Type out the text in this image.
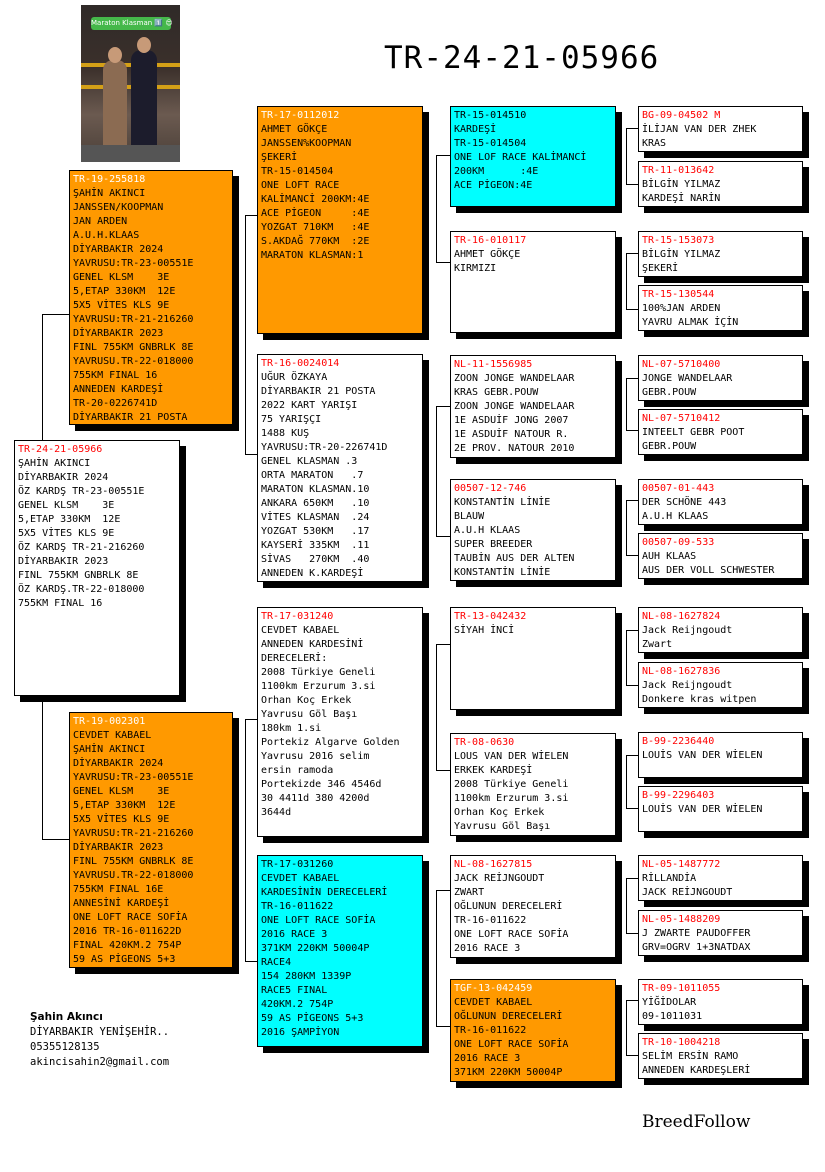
Maraton Klasman 1️⃣ 😍
TR-24-21-05966
TR-24-21-05966
ŞAHİN AKINCI
DİYARBAKIR 2024
ÖZ KARDŞ TR-23-00551E
GENEL KLSM    3E
5,ETAP 330KM  12E
5X5 VİTES KLS 9E
ÖZ KARDŞ TR-21-216260
DİYARBAKIR 2023
FINL 755KM GNBRLK 8E
ÖZ KARDŞ.TR-22-018000
755KM FINAL 16
TR-19-255818
ŞAHİN AKINCI
JANSSEN/KOOPMAN
JAN ARDEN
A.U.H.KLAAS
DİYARBAKIR 2024
YAVRUSU:TR-23-00551E
GENEL KLSM    3E
5,ETAP 330KM  12E
5X5 VİTES KLS 9E
YAVRUSU:TR-21-216260
DİYARBAKIR 2023
FINL 755KM GNBRLK 8E
YAVRUSU.TR-22-018000
755KM FINAL 16
ANNEDEN KARDEŞİ
TR-20-0226741D
DİYARBAKIR 21 POSTA
TR-19-002301
CEVDET KABAEL
ŞAHİN AKINCI
DİYARBAKIR 2024
YAVRUSU:TR-23-00551E
GENEL KLSM    3E
5,ETAP 330KM  12E
5X5 VİTES KLS 9E
YAVRUSU:TR-21-216260
DİYARBAKIR 2023
FINL 755KM GNBRLK 8E
YAVRUSU.TR-22-018000
755KM FINAL 16E
ANNESİNİ KARDEŞİ
ONE LOFT RACE SOFİA
2016 TR-16-011622D
FINAL 420KM.2 754P
59 AS PİGEONS 5+3
TR-17-0112012
AHMET GÖKÇE
JANSSEN%KOOPMAN
ŞEKERİ
TR-15-014504
ONE LOFT RACE
KALİMANCİ 200KM:4E
ACE PİGEON     :4E
YOZGAT 710KM   :4E
S.AKDAĞ 770KM  :2E
MARATON KLASMAN:1
TR-16-0024014
UĞUR ÖZKAYA
DİYARBAKIR 21 POSTA
2022 KART YARIŞI
75 YARIŞÇI
1488 KUŞ
YAVRUSU:TR-20-226741D
GENEL KLASMAN .3
ORTA MARATON   .7
MARATON KLASMAN.10
ANKARA 650KM   .10
VİTES KLASMAN  .24
YOZGAT 530KM   .17
KAYSERİ 335KM  .11
SİVAS   270KM  .40
ANNEDEN K.KARDEŞİ
TR-17-031240
CEVDET KABAEL
ANNEDEN KARDESİNİ
DERECELERİ:
2008 Türkiye Geneli
1100km Erzurum 3.si
Orhan Koç Erkek
Yavrusu Göl Başı
180km 1.si
Portekiz Algarve Golden
Yavrusu 2016 selim
ersin ramoda
Portekizde 346 4546d
30 4411d 380 4200d
3644d
TR-17-031260
CEVDET KABAEL
KARDESİNİN DERECELERİ
TR-16-011622
ONE LOFT RACE SOFİA
2016 RACE 3
371KM 220KM 50004P
RACE4
154 280KM 1339P
RACE5 FINAL
420KM.2 754P
59 AS PİGEONS 5+3
2016 ŞAMPİYON
TR-15-014510
KARDEŞİ
TR-15-014504
ONE LOF RACE KALİMANCİ
200KM      :4E
ACE PİGEON:4E
TR-16-010117
AHMET GÖKÇE
KIRMIZI
NL-11-1556985
ZOON JONGE WANDELAAR
KRAS GEBR.POUW
ZOON JONGE WANDELAAR
1E ASDUİF JONG 2007
1E ASDUİF NATOUR R.
2E PROV. NATOUR 2010
00507-12-746
KONSTANTİN LİNİE
BLAUW
A.U.H KLAAS
SUPER BREEDER
TAUBİN AUS DER ALTEN
KONSTANTİN LİNİE
TR-13-042432
SİYAH İNCİ
TR-08-0630
LOUS VAN DER WİELEN
ERKEK KARDEŞİ
2008 Türkiye Geneli
1100km Erzurum 3.si
Orhan Koç Erkek
Yavrusu Göl Başı
NL-08-1627815
JACK REİJNGOUDT
ZWART
OĞLUNUN DERECELERİ
TR-16-011622
ONE LOFT RACE SOFİA
2016 RACE 3
TGF-13-042459
CEVDET KABAEL
OĞLUNUN DERECELERİ
TR-16-011622
ONE LOFT RACE SOFİA
2016 RACE 3
371KM 220KM 50004P
BG-09-04502 M
İLİJAN VAN DER ZHEK
KRAS
TR-11-013642
BİLGİN YILMAZ
KARDEŞİ NARİN
TR-15-153073
BİLGİN YILMAZ
ŞEKERİ
TR-15-130544
100%JAN ARDEN
YAVRU ALMAK İÇİN
NL-07-5710400
JONGE WANDELAAR
GEBR.POUW
NL-07-5710412
INTEELT GEBR POOT
GEBR.POUW
00507-01-443
DER SCHÖNE 443
A.U.H KLAAS
00507-09-533
AUH KLAAS
AUS DER VOLL SCHWESTER
NL-08-1627824
Jack Reijngoudt
Zwart
NL-08-1627836
Jack Reijngoudt
Donkere kras witpen
B-99-2236440
LOUİS VAN DER WİELEN
B-99-2296403
LOUİS VAN DER WİELEN
NL-05-1487772
RİLLANDİA
JACK REİJNGOUDT
NL-05-1488209
J ZWARTE PAUDOFFER
GRV=OGRV 1+3NATDAX
TR-09-1011055
YİĞİDOLAR
09-1011031
TR-10-1004218
SELİM ERSİN RAMO
ANNEDEN KARDEŞLERİ
Şahin Akıncı
DİYARBAKIR YENİŞEHİR..
05355128135
akincisahin2@gmail.com
BreedFollow
